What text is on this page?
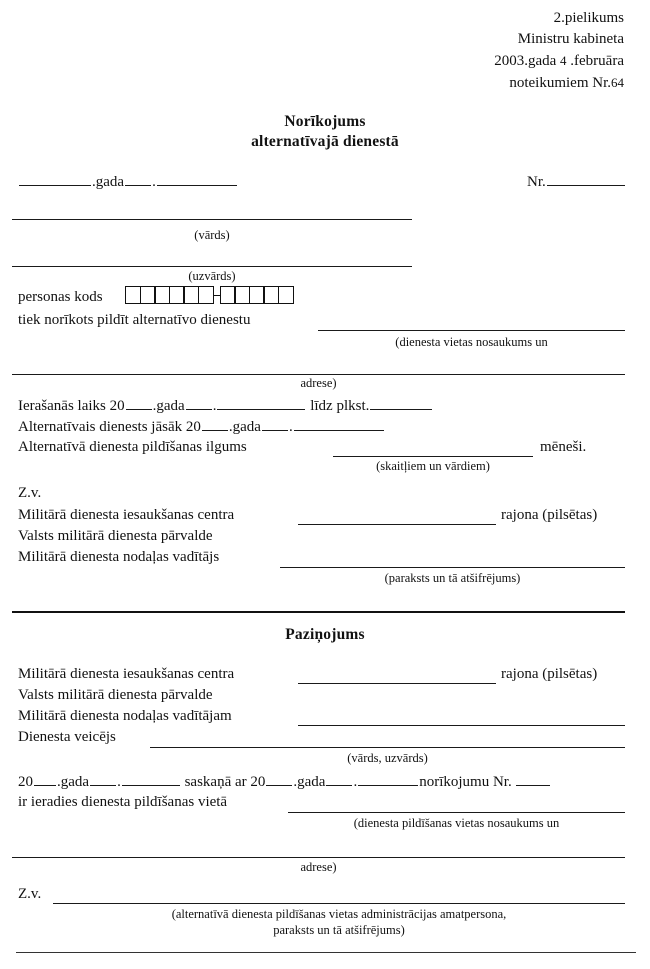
2.pielikums
Ministru kabineta
2003.gada 4 .februāra
noteikumiem Nr.64
Norīkojums
alternatīvajā dienestā
.gada .	Nr.
(vārds)
(uzvārds)
personas kods
tiek norīkots pildīt alternatīvo dienestu
(dienesta vietas nosaukums un
adrese)
Ierašanās laiks 20 .gada .	līdz plkst.
Alternatīvais dienests jāsāk 20 .gada .
Alternatīvā dienesta pildīšanas ilgums	mēneši.
(skaitļiem un vārdiem)
Z.v.
Militārā dienesta iesaukšanas centra	rajona (pilsētas)
Valsts militārā dienesta pārvalde
Militārā dienesta nodaļas vadītājs
(paraksts un tā atšifrējums)
Paziņojums
Militārā dienesta iesaukšanas centra	rajona (pilsētas)
Valsts militārā dienesta pārvalde
Militārā dienesta nodaļas vadītājam
Dienesta veicējs
(vārds, uzvārds)
20 .gada .	saskaņā ar 20 .gada .	norīkojumu Nr.
ir ieradies dienesta pildīšanas vietā
(dienesta pildīšanas vietas nosaukums un
adrese)
Z.v.
(alternatīvā dienesta pildīšanas vietas administrācijas amatpersona,
paraksts un tā atšifrējums)
